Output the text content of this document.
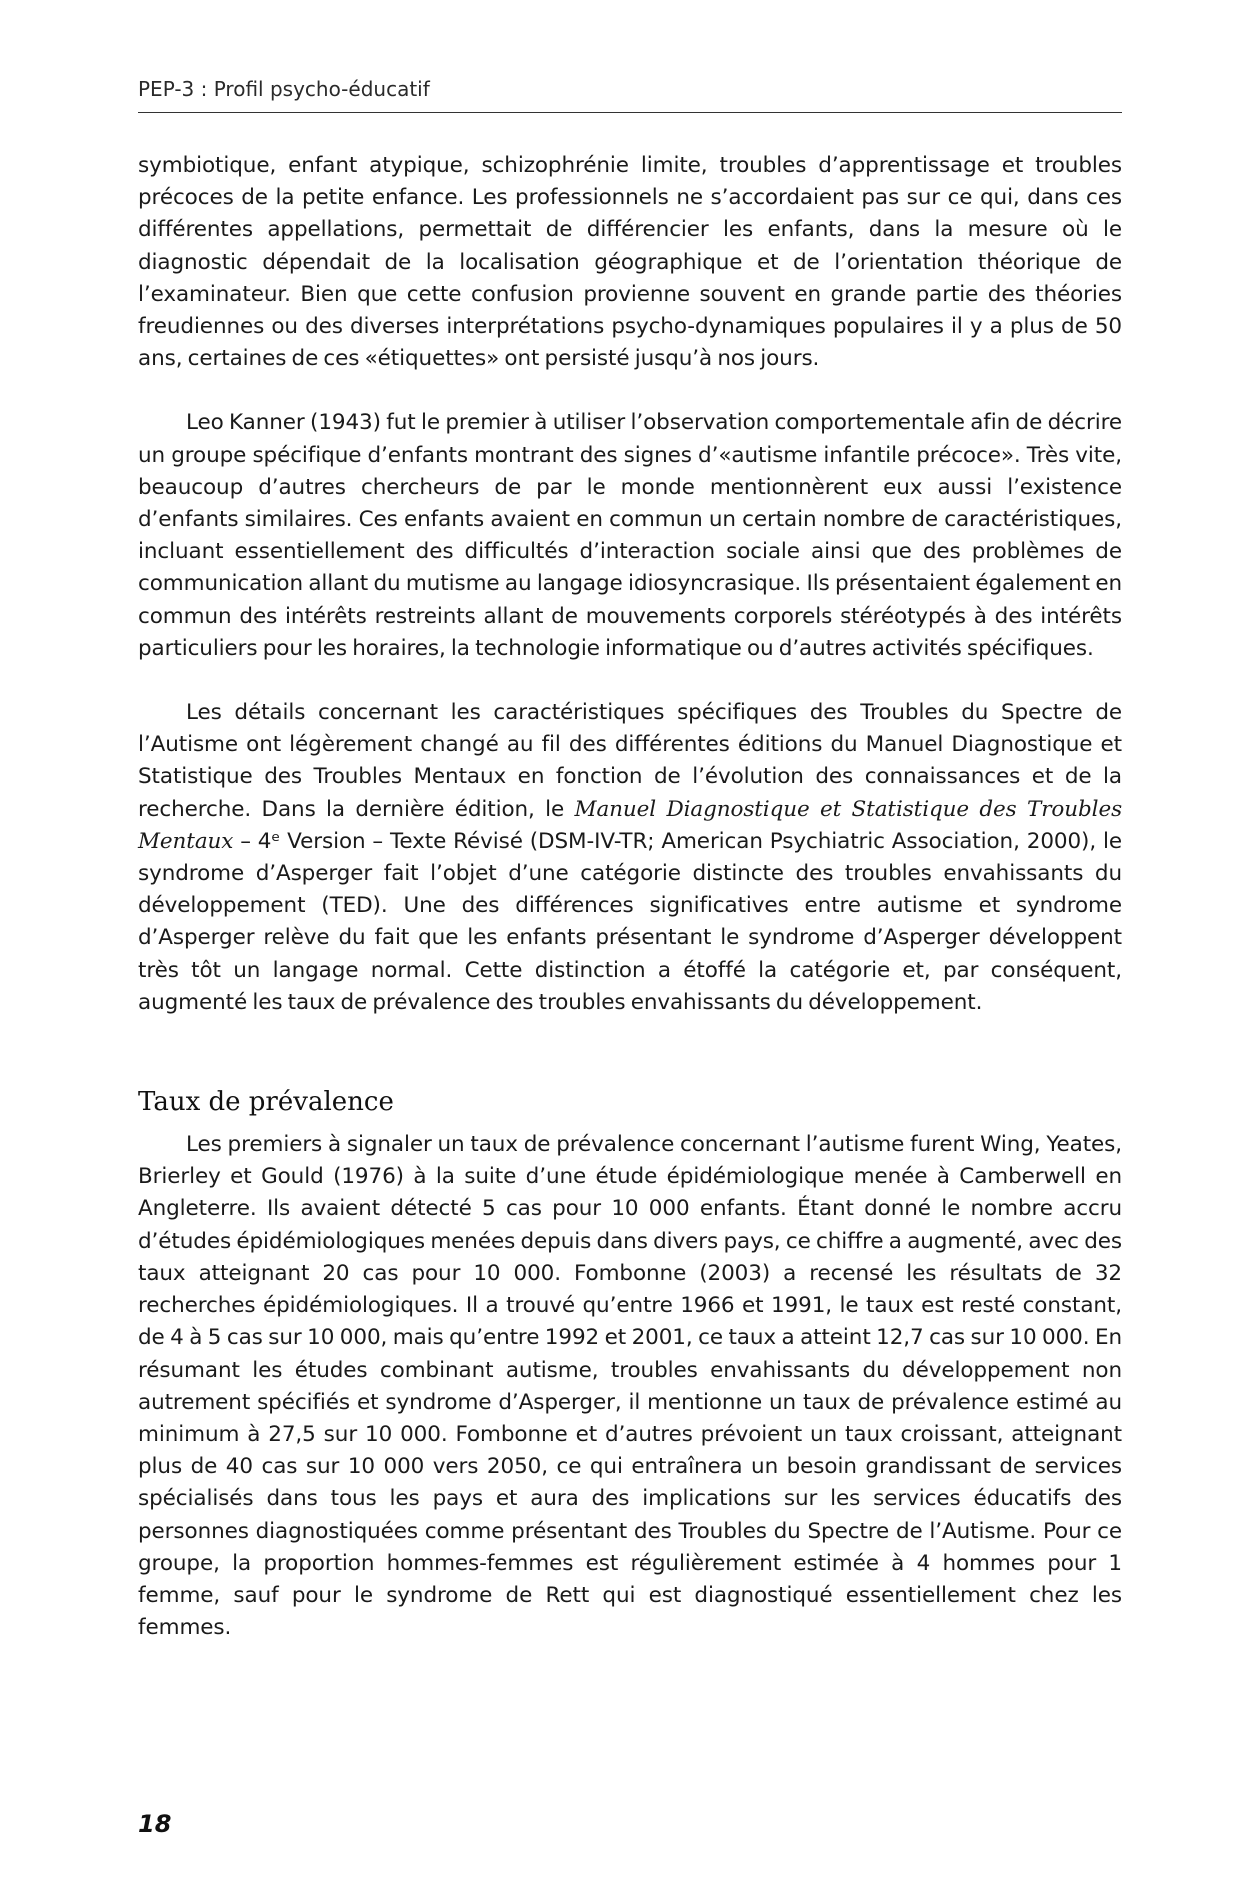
PEP-3 : Profil psycho-éducatif

symbiotique, enfant atypique, schizophrénie limite, troubles d’apprentissage et troubles précoces de la petite enfance. Les professionnels ne s’accordaient pas sur ce qui, dans ces différentes appellations, permettait de différencier les enfants, dans la mesure où le diagnostic dépendait de la localisation géographique et de l’orientation théorique de l’examinateur. Bien que cette confusion provienne souvent en grande partie des théories freudiennes ou des diverses interprétations psycho-dynamiques populaires il y a plus de 50 ans, certaines de ces «étiquettes» ont persisté jusqu’à nos jours.

Leo Kanner (1943) fut le premier à utiliser l’observation comportementale afin de décrire un groupe spécifique d’enfants montrant des signes d’«autisme infantile précoce». Très vite, beaucoup d’autres chercheurs de par le monde mentionnèrent eux aussi l’existence d’enfants similaires. Ces enfants avaient en commun un certain nombre de caractéristiques, incluant essentiellement des difficultés d’interaction sociale ainsi que des problèmes de communication allant du mutisme au langage idiosyncrasique. Ils présentaient également en commun des intérêts restreints allant de mouvements corporels stéréotypés à des intérêts particuliers pour les horaires, la technologie informatique ou d’autres activités spécifiques.

Les détails concernant les caractéristiques spécifiques des Troubles du Spectre de l’Autisme ont légèrement changé au fil des différentes éditions du Manuel Diagnostique et Statistique des Troubles Mentaux en fonction de l’évolution des connaissances et de la recherche. Dans la dernière édition, le Manuel Diagnostique et Statistique des Troubles Mentaux – 4ᵉ Version – Texte Révisé (DSM-IV-TR; American Psychiatric Association, 2000), le syndrome d’Asperger fait l’objet d’une catégorie distincte des troubles envahissants du développement (TED). Une des différences significatives entre autisme et syndrome d’Asperger relève du fait que les enfants présentant le syndrome d’Asperger développent très tôt un langage normal. Cette distinction a étoffé la catégorie et, par conséquent, augmenté les taux de prévalence des troubles envahissants du développement.

Taux de prévalence

Les premiers à signaler un taux de prévalence concernant l’autisme furent Wing, Yeates, Brierley et Gould (1976) à la suite d’une étude épidémiologique menée à Camberwell en Angleterre. Ils avaient détecté 5 cas pour 10 000 enfants. Étant donné le nombre accru d’études épidémiologiques menées depuis dans divers pays, ce chiffre a augmenté, avec des taux atteignant 20 cas pour 10 000. Fombonne (2003) a recensé les résultats de 32 recherches épidémiologiques. Il a trouvé qu’entre 1966 et 1991, le taux est resté constant, de 4 à 5 cas sur 10 000, mais qu’entre 1992 et 2001, ce taux a atteint 12,7 cas sur 10 000. En résumant les études combinant autisme, troubles envahissants du développement non autrement spécifiés et syndrome d’Asperger, il mentionne un taux de prévalence estimé au minimum à 27,5 sur 10 000. Fombonne et d’autres prévoient un taux croissant, atteignant plus de 40 cas sur 10 000 vers 2050, ce qui entraînera un besoin grandissant de services spécialisés dans tous les pays et aura des implications sur les services éducatifs des personnes diagnostiquées comme présentant des Troubles du Spectre de l’Autisme. Pour ce groupe, la proportion hommes-femmes est régulièrement estimée à 4 hommes pour 1 femme, sauf pour le syndrome de Rett qui est diagnostiqué essentiellement chez les femmes.

18
